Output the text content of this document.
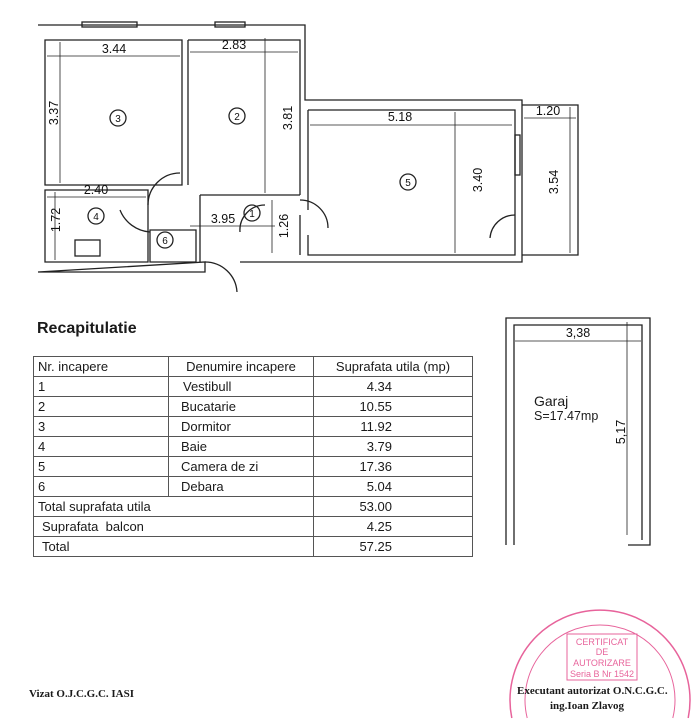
3	2
5
4	1
6
3.44
3.37
2.83
3.81	5.18
3.40
1.20
3.54
2.40
1.72	3.95	1.26
3,38
5,17
CERTIFICAT
DE
AUTORIZARE
Seria B Nr 1542
Recapitulatie
Nr. incapere	Denumire incapere	Suprafata utila (mp)
1	Vestibull	4.34
2	Bucatarie	10.55
3	Dormitor	11.92
4	Baie	3.79
5	Camera de zi	17.36
6	Debara	5.04
Total suprafata utila		53.00
Suprafata  balcon		4.25
Total		57.25
Garaj
S=17.47mp
Vizat O.J.C.G.C. IASI	Executant autorizat O.N.C.G.C.
ing.Ioan Zlavog
